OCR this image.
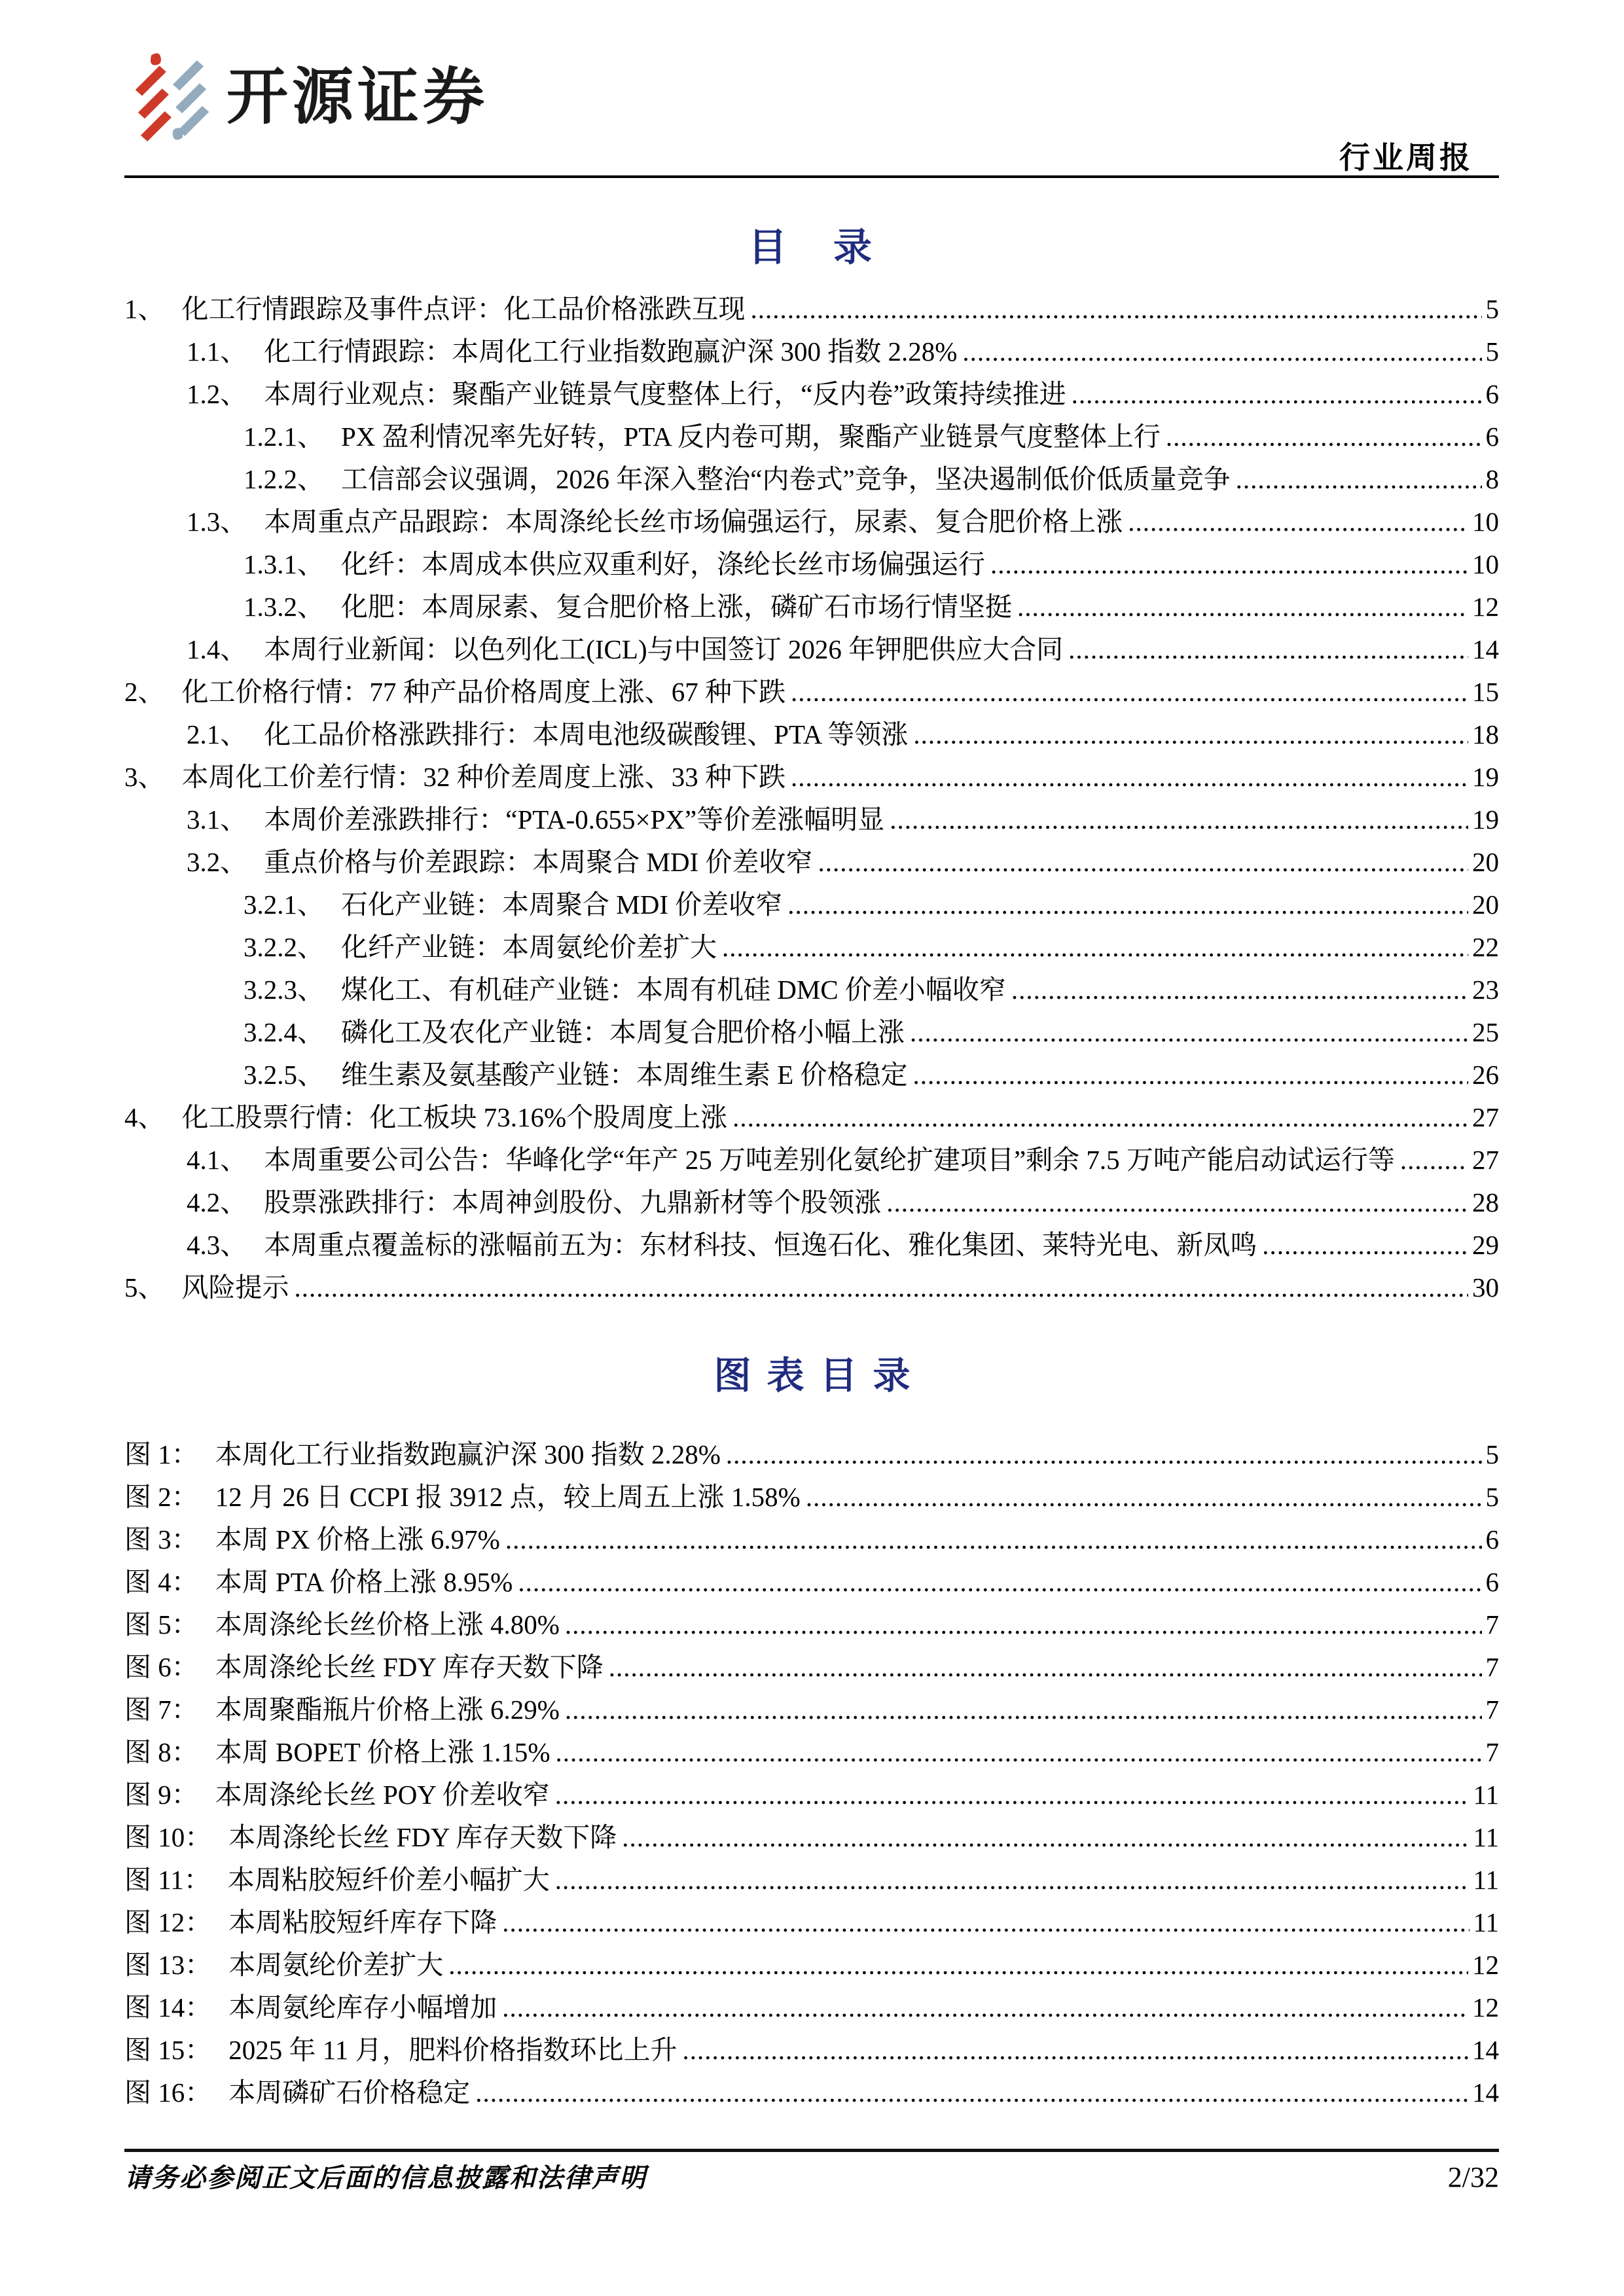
开源证券
行业周报
目　录
1、 化工行情跟踪及事件点评：化工品价格涨跌互现 .....	5
1.1、 化工行情跟踪：本周化工行业指数跑赢沪深 300 指数 2.28% .....	5
1.2、 本周行业观点：聚酯产业链景气度整体上行，“反内卷”政策持续推进 .....	6
1.2.1、 PX 盈利情况率先好转，PTA 反内卷可期，聚酯产业链景气度整体上行 .....	6
1.2.2、 工信部会议强调，2026 年深入整治“内卷式”竞争，坚决遏制低价低质量竞争 .....	8
1.3、 本周重点产品跟踪：本周涤纶长丝市场偏强运行，尿素、复合肥价格上涨 .....	10
1.3.1、 化纤：本周成本供应双重利好，涤纶长丝市场偏强运行 .....	10
1.3.2、 化肥：本周尿素、复合肥价格上涨，磷矿石市场行情坚挺 .....	12
1.4、 本周行业新闻：以色列化工(ICL)与中国签订 2026 年钾肥供应大合同 .....	14
2、 化工价格行情：77 种产品价格周度上涨、67 种下跌 .....	15
2.1、 化工品价格涨跌排行：本周电池级碳酸锂、PTA 等领涨 .....	18
3、 本周化工价差行情：32 种价差周度上涨、33 种下跌 .....	19
3.1、 本周价差涨跌排行：“PTA-0.655×PX”等价差涨幅明显 .....	19
3.2、 重点价格与价差跟踪：本周聚合 MDI 价差收窄 .....	20
3.2.1、 石化产业链：本周聚合 MDI 价差收窄 .....	20
3.2.2、 化纤产业链：本周氨纶价差扩大 .....	22
3.2.3、 煤化工、有机硅产业链：本周有机硅 DMC 价差小幅收窄 .....	23
3.2.4、 磷化工及农化产业链：本周复合肥价格小幅上涨 .....	25
3.2.5、 维生素及氨基酸产业链：本周维生素 E 价格稳定 .....	26
4、 化工股票行情：化工板块 73.16%个股周度上涨 .....	27
4.1、 本周重要公司公告：华峰化学“年产 25 万吨差别化氨纶扩建项目”剩余 7.5 万吨产能启动试运行等 .....	27
4.2、 股票涨跌排行：本周神剑股份、九鼎新材等个股领涨 .....	28
4.3、 本周重点覆盖标的涨幅前五为：东材科技、恒逸石化、雅化集团、莱特光电、新凤鸣 .....	29
5、 风险提示 .....	30
图表目录
图 1： 本周化工行业指数跑赢沪深 300 指数 2.28% .....	5
图 2： 12 月 26 日 CCPI 报 3912 点，较上周五上涨 1.58% .....	5
图 3： 本周 PX 价格上涨 6.97% .....	6
图 4： 本周 PTA 价格上涨 8.95% .....	6
图 5： 本周涤纶长丝价格上涨 4.80% .....	7
图 6： 本周涤纶长丝 FDY 库存天数下降 .....	7
图 7： 本周聚酯瓶片价格上涨 6.29% .....	7
图 8： 本周 BOPET 价格上涨 1.15% .....	7
图 9： 本周涤纶长丝 POY 价差收窄 .....	11
图 10： 本周涤纶长丝 FDY 库存天数下降 .....	11
图 11： 本周粘胶短纤价差小幅扩大 .....	11
图 12： 本周粘胶短纤库存下降 .....	11
图 13： 本周氨纶价差扩大 .....	12
图 14： 本周氨纶库存小幅增加 .....	12
图 15： 2025 年 11 月，肥料价格指数环比上升 .....	14
图 16： 本周磷矿石价格稳定 .....	14
请务必参阅正文后面的信息披露和法律声明	2/32
